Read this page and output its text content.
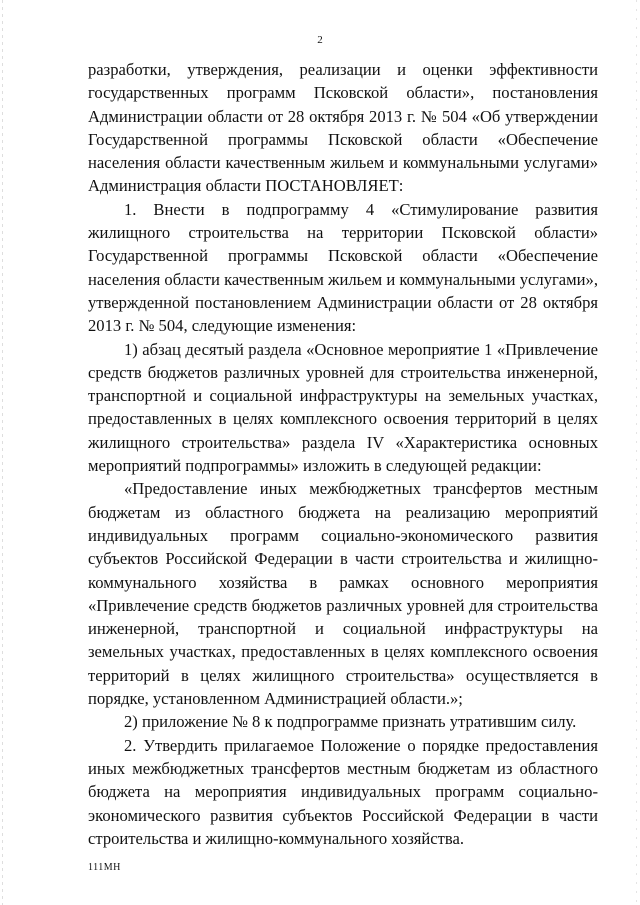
2

разработки, утверждения, реализации и оценки эффективности государственных программ Псковской области», постановления Администрации области от 28 октября 2013 г. № 504 «Об утверждении Государственной программы Псковской области «Обеспечение населения области качественным жильем и коммунальными услугами» Администрация области ПОСТАНОВЛЯЕТ:

1. Внести в подпрограмму 4 «Стимулирование развития жилищного строительства на территории Псковской области» Государственной программы Псковской области «Обеспечение населения области качественным жильем и коммунальными услугами», утвержденной постановлением Администрации области от 28 октября 2013 г. № 504, следующие изменения:

1) абзац десятый раздела «Основное мероприятие 1 «Привлечение средств бюджетов различных уровней для строительства инженерной, транспортной и социальной инфраструктуры на земельных участках, предоставленных в целях комплексного освоения территорий в целях жилищного строительства» раздела IV «Характеристика основных мероприятий подпрограммы» изложить в следующей редакции:

«Предоставление иных межбюджетных трансфертов местным бюджетам из областного бюджета на реализацию мероприятий индивидуальных программ социально-экономического развития субъектов Российской Федерации в части строительства и жилищно-коммунального хозяйства в рамках основного мероприятия «Привлечение средств бюджетов различных уровней для строительства инженерной, транспортной и социальной инфраструктуры на земельных участках, предоставленных в целях комплексного освоения территорий в целях жилищного строительства» осуществляется в порядке, установленном Администрацией области.»;

2) приложение № 8 к подпрограмме признать утратившим силу.

2. Утвердить прилагаемое Положение о порядке предоставления иных межбюджетных трансфертов местным бюджетам из областного бюджета на мероприятия индивидуальных программ социально-экономического развития субъектов Российской Федерации в части строительства и жилищно-коммунального хозяйства.

111МН
